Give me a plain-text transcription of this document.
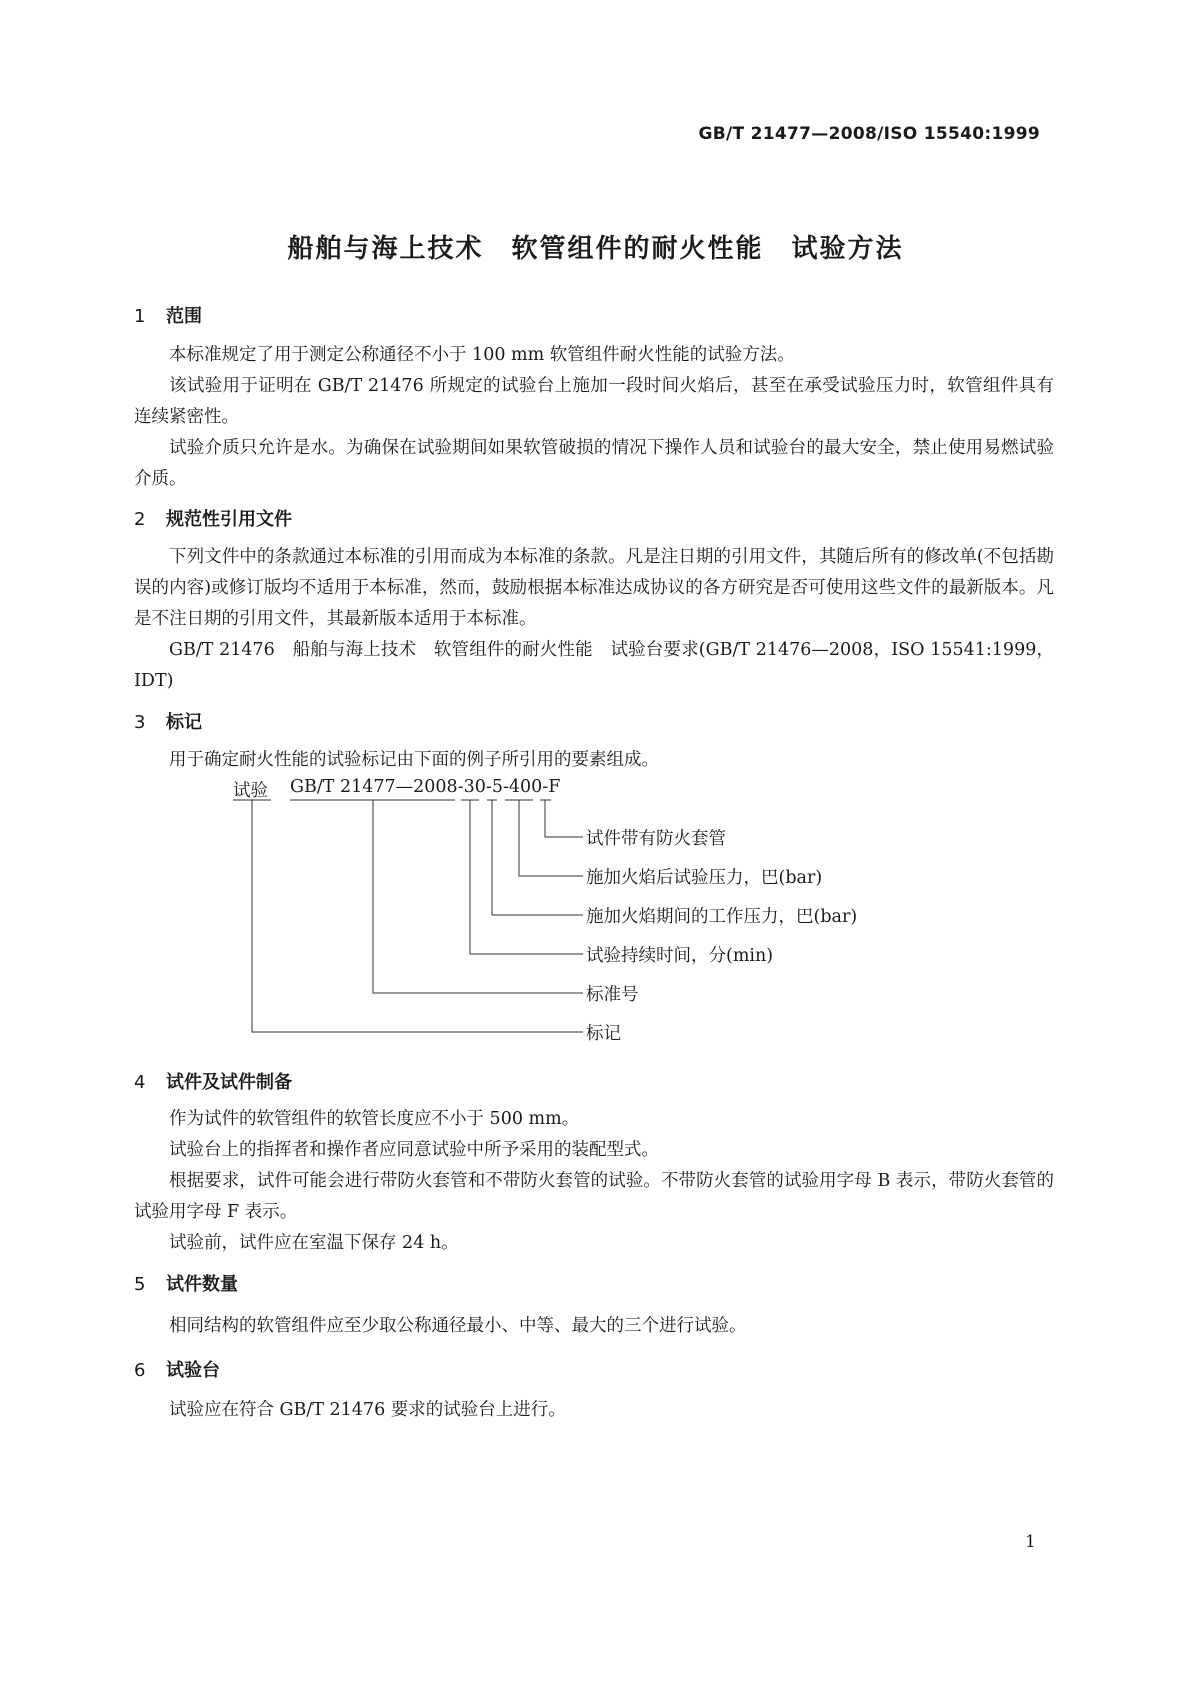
GB/T 21477—2008/ISO 15540:1999
船舶与海上技术　软管组件的耐火性能　试验方法
1 范围
本标准规定了用于测定公称通径不小于 100 mm 软管组件耐火性能的试验方法。
该试验用于证明在 GB/T 21476 所规定的试验台上施加一段时间火焰后，甚至在承受试验压力时，软管组件具有连续紧密性。
试验介质只允许是水。为确保在试验期间如果软管破损的情况下操作人员和试验台的最大安全，禁止使用易燃试验介质。
2 规范性引用文件
下列文件中的条款通过本标准的引用而成为本标准的条款。凡是注日期的引用文件，其随后所有的修改单(不包括勘误的内容)或修订版均不适用于本标准，然而，鼓励根据本标准达成协议的各方研究是否可使用这些文件的最新版本。凡是不注日期的引用文件，其最新版本适用于本标准。
GB/T 21476　船舶与海上技术　软管组件的耐火性能　试验台要求(GB/T 21476—2008，ISO 15541:1999，IDT)
3 标记
用于确定耐火性能的试验标记由下面的例子所引用的要素组成。
试验 GB/T 21477—2008-30-5-400-F
试件带有防火套管
施加火焰后试验压力，巴(bar)
施加火焰期间的工作压力，巴(bar)
试验持续时间，分(min)
标准号
标记
4 试件及试件制备
作为试件的软管组件的软管长度应不小于 500 mm。
试验台上的指挥者和操作者应同意试验中所予采用的装配型式。
根据要求，试件可能会进行带防火套管和不带防火套管的试验。不带防火套管的试验用字母 B 表示，带防火套管的试验用字母 F 表示。
试验前，试件应在室温下保存 24 h。
5 试件数量
相同结构的软管组件应至少取公称通径最小、中等、最大的三个进行试验。
6 试验台
试验应在符合 GB/T 21476 要求的试验台上进行。
1
